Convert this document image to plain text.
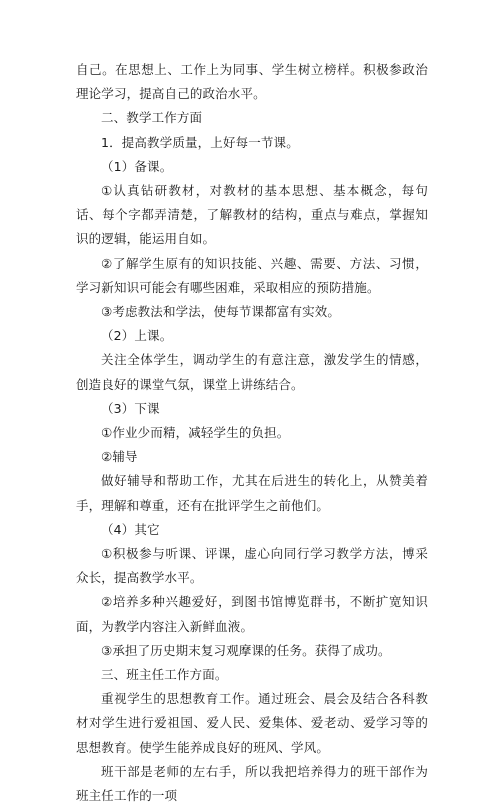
自己。在思想上、工作上为同事、学生树立榜样。积极参政治理论学习，提高自己的政治水平。

二、教学工作方面

1．提高教学质量，上好每一节课。

（1）备课。

①认真钻研教材，对教材的基本思想、基本概念，每句话、每个字都弄清楚，了解教材的结构，重点与难点，掌握知识的逻辑，能运用自如。

②了解学生原有的知识技能、兴趣、需要、方法、习惯，学习新知识可能会有哪些困难，采取相应的预防措施。

③考虑教法和学法，使每节课都富有实效。

（2）上课。

关注全体学生，调动学生的有意注意，激发学生的情感，创造良好的课堂气氛，课堂上讲练结合。

（3）下课

①作业少而精，减轻学生的负担。

②辅导

做好辅导和帮助工作，尤其在后进生的转化上，从赞美着手，理解和尊重，还有在批评学生之前他们。

（4）其它

①积极参与听课、评课，虚心向同行学习教学方法，博采众长，提高教学水平。

②培养多种兴趣爱好，到图书馆博览群书，不断扩宽知识面，为教学内容注入新鲜血液。

③承担了历史期末复习观摩课的任务。获得了成功。

三、班主任工作方面。

重视学生的思想教育工作。通过班会、晨会及结合各科教材对学生进行爱祖国、爱人民、爱集体、爱老动、爱学习等的思想教育。使学生能养成良好的班风、学风。

班干部是老师的左右手，所以我把培养得力的班干部作为班主任工作的一项
